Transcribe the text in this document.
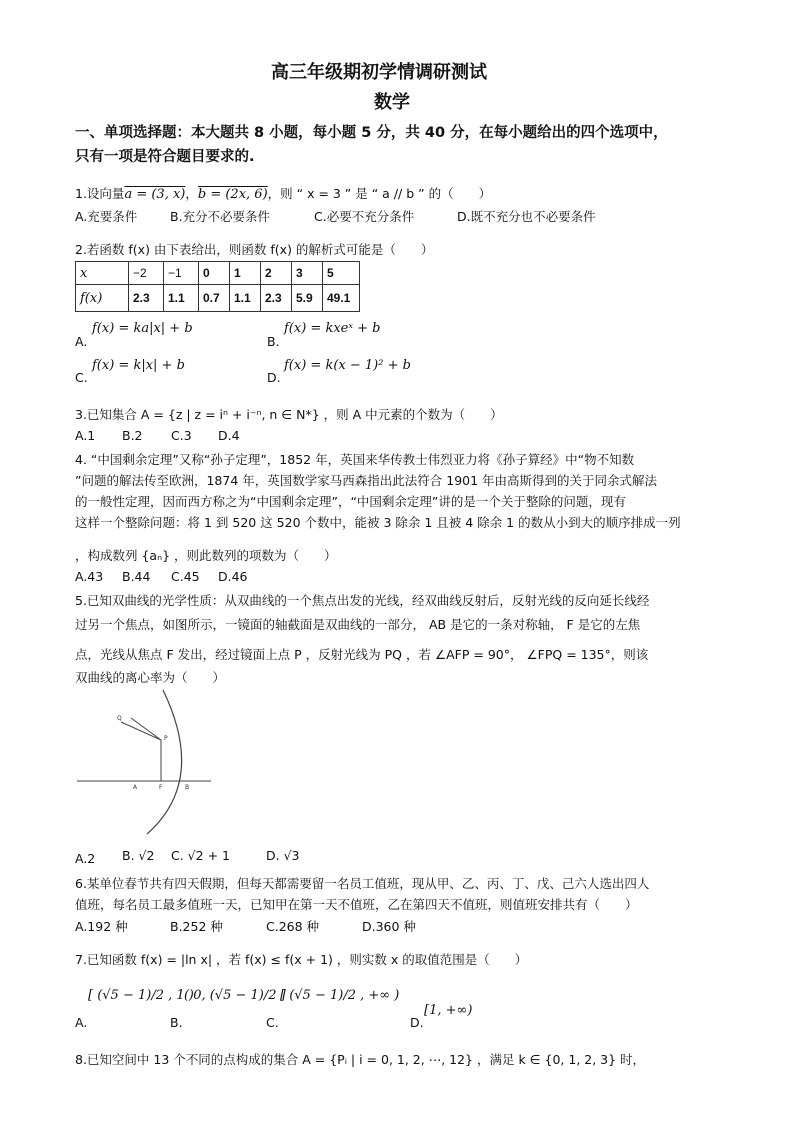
高三年级期初学情调研测试
数学
一、单项选择题：本大题共 8 小题，每小题 5 分，共 40 分，在每小题给出的四个选项中，
只有一项是符合题目要求的.
1.设向量a = (3, x)，b = (2x, 6)，则 “ x = 3 ” 是 “ a // b ” 的（　　）
A.充要条件	B.充分不必要条件	C.必要不充分条件	D.既不充分也不必要条件
2.若函数 f(x) 由下表给出，则函数 f(x) 的解析式可能是（　　）
x	−2	−1	0	1	2	3	5
f(x)	2.3	1.1	0.7	1.1	2.3	5.9	49.1
A.
f(x) = ka|x| + b
B.
f(x) = kxeˣ + b
C.
f(x) = k|x| + b
D.
f(x) = k(x − 1)² + b
3.已知集合 A = {z | z = iⁿ + i⁻ⁿ, n ∈ N*} ，则 A 中元素的个数为（　　）
A.1 B.2 C.3 D.4
4. “中国剩余定理”又称“孙子定理”，1852 年，英国来华传教士伟烈亚力将《孙子算经》中“物不知数
”问题的解法传至欧洲，1874 年，英国数学家马西森指出此法符合 1901 年由高斯得到的关于同余式解法
的一般性定理，因而西方称之为“中国剩余定理”，“中国剩余定理”讲的是一个关于整除的问题，现有
这样一个整除问题：将 1 到 520 这 520 个数中，能被 3 除余 1 且被 4 除余 1 的数从小到大的顺序排成一列
，构成数列 {aₙ} ，则此数列的项数为（　　）
A.43 B.44 C.45 D.46
5.已知双曲线的光学性质：从双曲线的一个焦点出发的光线，经双曲线反射后，反射光线的反向延长线经
过另一个焦点，如图所示，一镜面的轴截面是双曲线的一部分， AB 是它的一条对称轴， F 是它的左焦
点，光线从焦点 F 发出，经过镜面上点 P ，反射光线为 PQ ，若 ∠AFP = 90°， ∠FPQ = 135°，则该
双曲线的离心率为（　　）
Q
P
A	F	B
A.2 B. √2 C. √2 + 1	D. √3
6.某单位春节共有四天假期，但每天都需要留一名员工值班，现从甲、乙、丙、丁、戊、己六人选出四人
值班，每名员工最多值班一天，已知甲在第一天不值班，乙在第四天不值班，则值班安排共有（　　）
A.192 种	B.252 种	C.268 种	D.360 种
7.已知函数 f(x) = |ln x| ，若 f(x) ≤ f(x + 1) ，则实数 x 的取值范围是（　　）
A.
[ (√5 − 1)/2 , 1 )
B.
( 0, (√5 − 1)/2 ]
C.
[ (√5 − 1)/2 , +∞ )
D.
[1, +∞)
8.已知空间中 13 个不同的点构成的集合 A = {Pᵢ | i = 0, 1, 2, ⋯, 12} ，满足 k ∈ {0, 1, 2, 3} 时，
